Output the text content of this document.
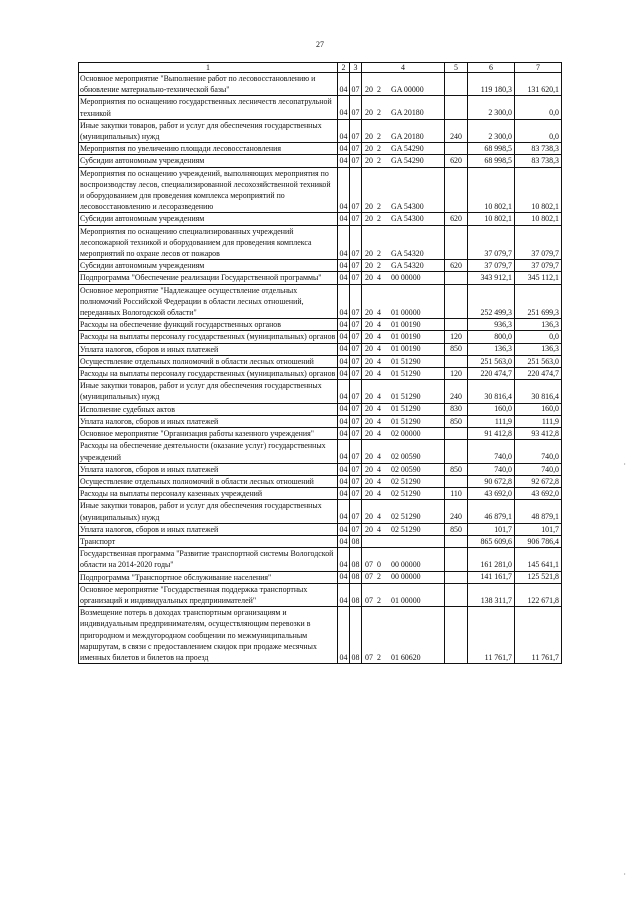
27
1	2	3	4	5	6	7
Основное мероприятие "Выполнение работ по лесовосстановлению и обновление материально-технической базы"	04	07	20 2 GA 00000		119 180,3	131 620,1
Мероприятия по оснащению государственных лесничеств лесопатрульной техникой	04	07	20 2 GA 20180		2 300,0	0,0
Иные закупки товаров, работ и услуг для обеспечения государственных (муниципальных) нужд	04	07	20 2 GA 20180	240	2 300,0	0,0
Мероприятия по увеличению площади лесовосстановления	04	07	20 2 GA 54290		68 998,5	83 738,3
Субсидии автономным учреждениям	04	07	20 2 GA 54290	620	68 998,5	83 738,3
Мероприятия по оснащению учреждений, выполняющих мероприятия по воспроизводству лесов, специализированной лесохозяйственной техникой и оборудованием для проведения комплекса мероприятий по лесовосстановлению и лесоразведению	04	07	20 2 GA 54300		10 802,1	10 802,1
Субсидии автономным учреждениям	04	07	20 2 GA 54300	620	10 802,1	10 802,1
Мероприятия по оснащению специализированных учреждений лесопожарной техникой и оборудованием для проведения комплекса мероприятий по охране лесов от пожаров	04	07	20 2 GA 54320		37 079,7	37 079,7
Субсидии автономным учреждениям	04	07	20 2 GA 54320	620	37 079,7	37 079,7
Подпрограмма "Обеспечение реализации Государственной программы"	04	07	20 4 00 00000		343 912,1	345 112,1
Основное мероприятие "Надлежащее осуществление отдельных полномочий Российской Федерации в области лесных отношений, переданных Вологодской области"	04	07	20 4 01 00000		252 499,3	251 699,3
Расходы на обеспечение функций государственных органов	04	07	20 4 01 00190		936,3	136,3
Расходы на выплаты персоналу государственных (муниципальных) органов	04	07	20 4 01 00190	120	800,0	0,0
Уплата налогов, сборов и иных платежей	04	07	20 4 01 00190	850	136,3	136,3
Осуществление отдельных полномочий в области лесных отношений	04	07	20 4 01 51290		251 563,0	251 563,0
Расходы на выплаты персоналу государственных (муниципальных) органов	04	07	20 4 01 51290	120	220 474,7	220 474,7
Иные закупки товаров, работ и услуг для обеспечения государственных (муниципальных) нужд	04	07	20 4 01 51290	240	30 816,4	30 816,4
Исполнение судебных актов	04	07	20 4 01 51290	830	160,0	160,0
Уплата налогов, сборов и иных платежей	04	07	20 4 01 51290	850	111,9	111,9
Основное мероприятие "Организация работы казенного учреждения"	04	07	20 4 02 00000		91 412,8	93 412,8
Расходы на обеспечение деятельности (оказание услуг) государственных учреждений	04	07	20 4 02 00590		740,0	740,0
Уплата налогов, сборов и иных платежей	04	07	20 4 02 00590	850	740,0	740,0
Осуществление отдельных полномочий в области лесных отношений	04	07	20 4 02 51290		90 672,8	92 672,8
Расходы на выплаты персоналу казенных учреждений	04	07	20 4 02 51290	110	43 692,0	43 692,0
Иные закупки товаров, работ и услуг для обеспечения государственных (муниципальных) нужд	04	07	20 4 02 51290	240	46 879,1	48 879,1
Уплата налогов, сборов и иных платежей	04	07	20 4 02 51290	850	101,7	101,7
Транспорт	04	08			865 609,6	906 786,4
Государственная программа "Развитие транспортной системы Вологодской области на 2014-2020 годы"	04	08	07 0 00 00000		161 281,0	145 641,1
Подпрограмма "Транспортное обслуживание населения"	04	08	07 2 00 00000		141 161,7	125 521,8
Основное мероприятие "Государственная поддержка транспортных организаций и индивидуальных предпринимателей"	04	08	07 2 01 00000		138 311,7	122 671,8
Возмещение потерь в доходах транспортным организациям и индивидуальным предпринимателям, осуществляющим перевозки в пригородном и междугородном сообщении по межмуниципальным маршрутам, в связи с предоставлением скидок при продаже месячных именных билетов и билетов на проезд	04	08	07 2 01 60620		11 761,7	11 761,7
·
·
